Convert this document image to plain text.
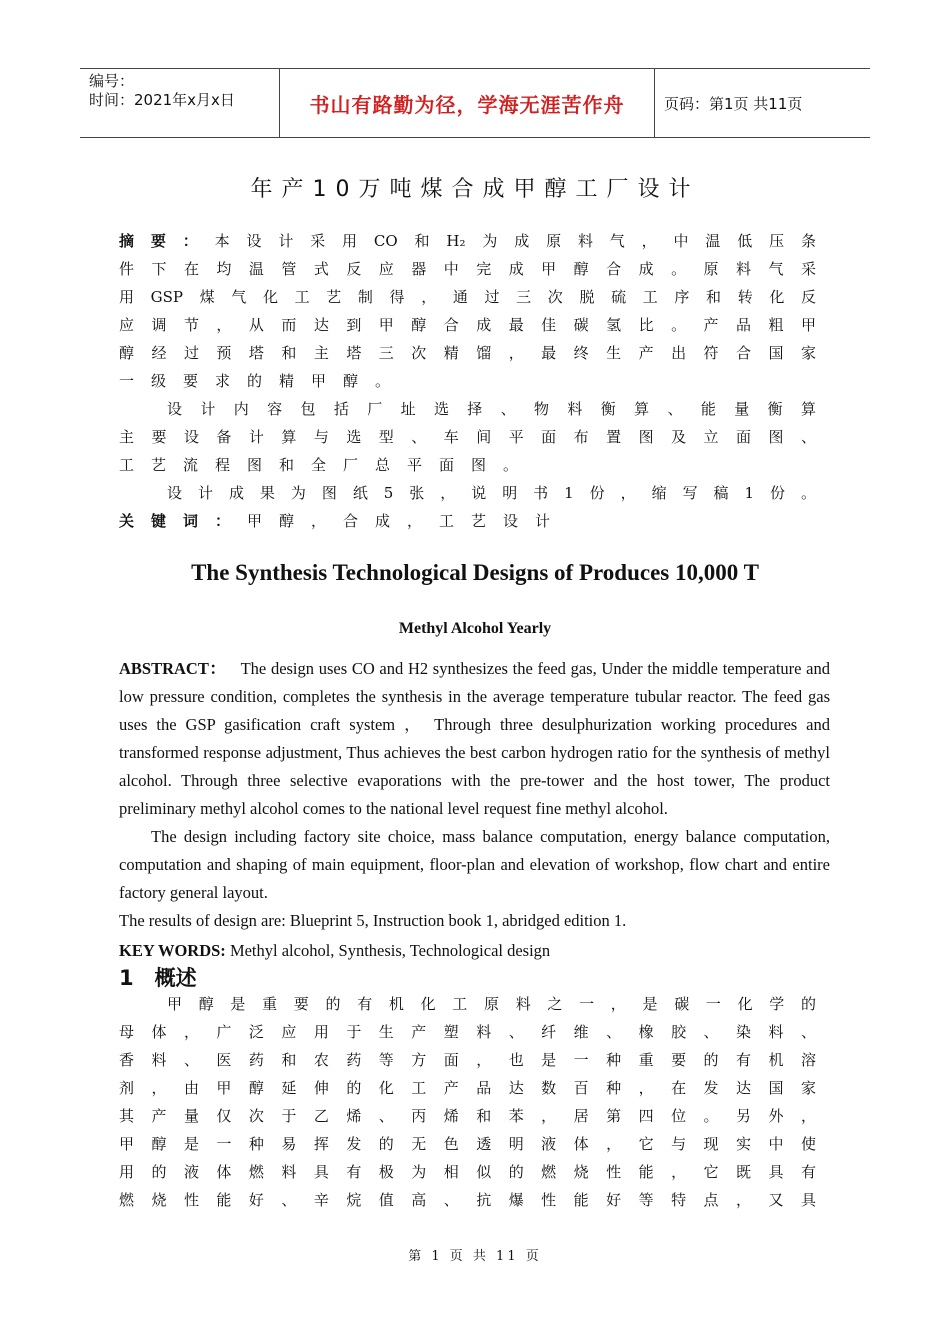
编号：
时间：2021年x月x日	书山有路勤为径，学海无涯苦作舟	页码：第1页 共11页
年产10万吨煤合成甲醇工厂设计
摘要：本设计采用CO和H₂为成原料气，中温低压条
件下在均温管式反应器中完成甲醇合成。原料气采
用GSP煤气化工艺制得，通过三次脱硫工序和转化反
应调节，从而达到甲醇合成最佳碳氢比。产品粗甲
醇经过预塔和主塔三次精馏，最终生产出符合国家
一级要求的精甲醇。
设计内容包括厂址选择、物料衡算、能量衡算
主要设备计算与选型、车间平面布置图及立面图、
工艺流程图和全厂总平面图。
设计成果为图纸5张，说明书1份，缩写稿1份。
关键词：甲醇，合成，工艺设计
The Synthesis Technological Designs of Produces 10,000 T
Methyl Alcohol Yearly

ABSTRACT： The design uses CO and H2 synthesizes the feed gas, Under the middle temperature and low pressure condition, completes the synthesis in the average temperature tubular reactor. The feed gas uses the GSP gasification craft system ， Through three desulphurization working procedures and transformed response adjustment, Thus achieves the best carbon hydrogen ratio for the synthesis of methyl alcohol. Through three selective evaporations with the pre-tower and the host tower, The product preliminary methyl alcohol comes to the national level request fine methyl alcohol.

The design including factory site choice, mass balance computation, energy balance computation, computation and shaping of main equipment, floor-plan and elevation of workshop, flow chart and entire factory general layout.

The results of design are: Blueprint 5, Instruction book 1, abridged edition 1.

KEY WORDS: Methyl alcohol, Synthesis, Technological design

1　概述
甲醇是重要的有机化工原料之一，是碳一化学的
母体，广泛应用于生产塑料、纤维、橡胶、染料、
香料、医药和农药等方面，也是一种重要的有机溶
剂，由甲醇延伸的化工产品达数百种，在发达国家
其产量仅次于乙烯、丙烯和苯，居第四位。另外，
甲醇是一种易挥发的无色透明液体，它与现实中使
用的液体燃料具有极为相似的燃烧性能，它既具有
燃烧性能好、辛烷值高、抗爆性能好等特点，又具
第 1 页 共 11 页
